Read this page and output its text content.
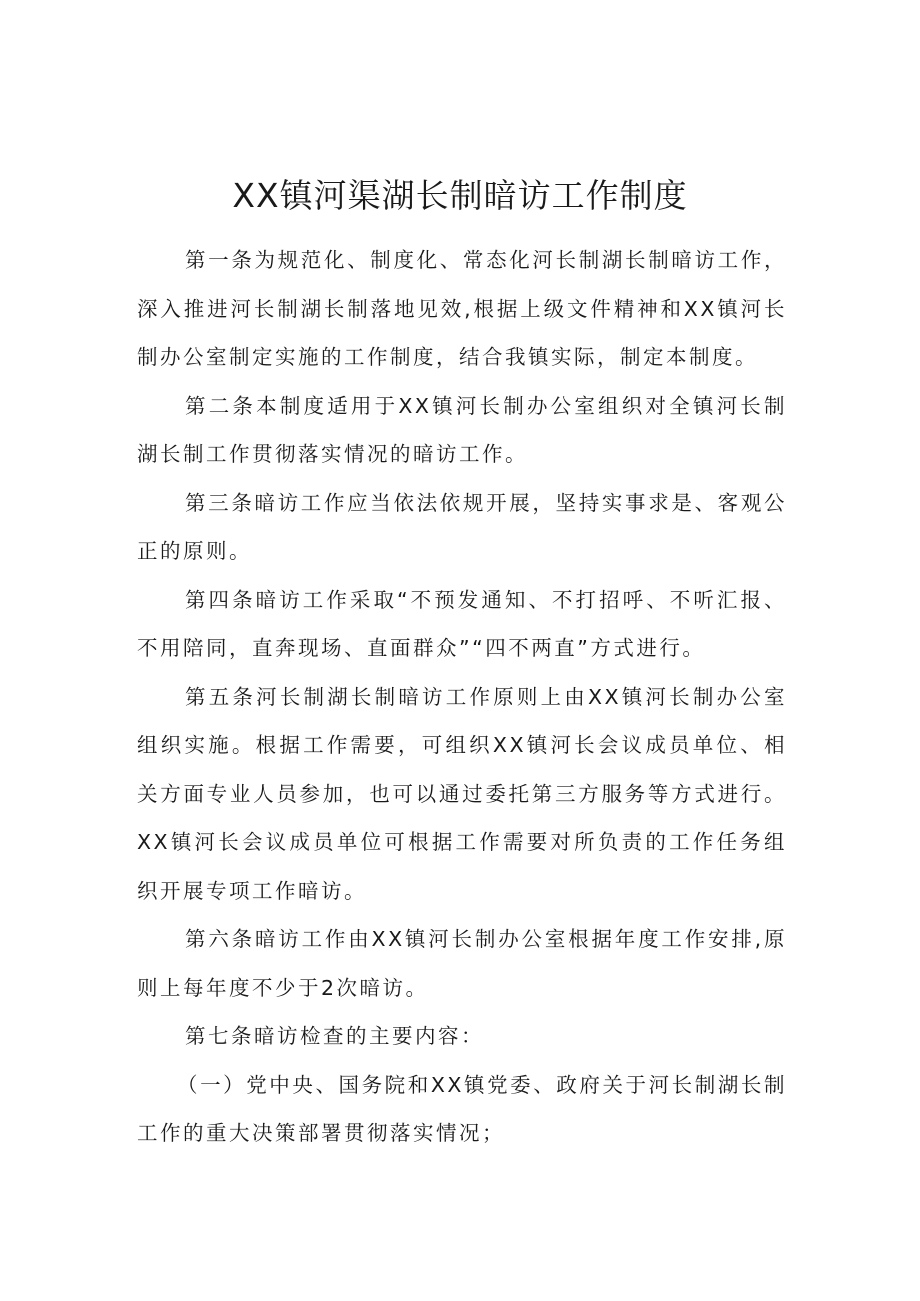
XX镇河渠湖长制暗访工作制度

第一条为规范化、制度化、常态化河长制湖长制暗访工作，深入推进河长制湖长制落地见效,根据上级文件精神和XX镇河长制办公室制定实施的工作制度，结合我镇实际，制定本制度。

第二条本制度适用于XX镇河长制办公室组织对全镇河长制湖长制工作贯彻落实情况的暗访工作。

第三条暗访工作应当依法依规开展，坚持实事求是、客观公正的原则。

第四条暗访工作采取“不预发通知、不打招呼、不听汇报、不用陪同，直奔现场、直面群众”“四不两直”方式进行。

第五条河长制湖长制暗访工作原则上由XX镇河长制办公室组织实施。根据工作需要，可组织XX镇河长会议成员单位、相关方面专业人员参加，也可以通过委托第三方服务等方式进行。XX镇河长会议成员单位可根据工作需要对所负责的工作任务组织开展专项工作暗访。

第六条暗访工作由XX镇河长制办公室根据年度工作安排,原则上每年度不少于2次暗访。

第七条暗访检查的主要内容：

（一）党中央、国务院和XX镇党委、政府关于河长制湖长制工作的重大决策部署贯彻落实情况；
